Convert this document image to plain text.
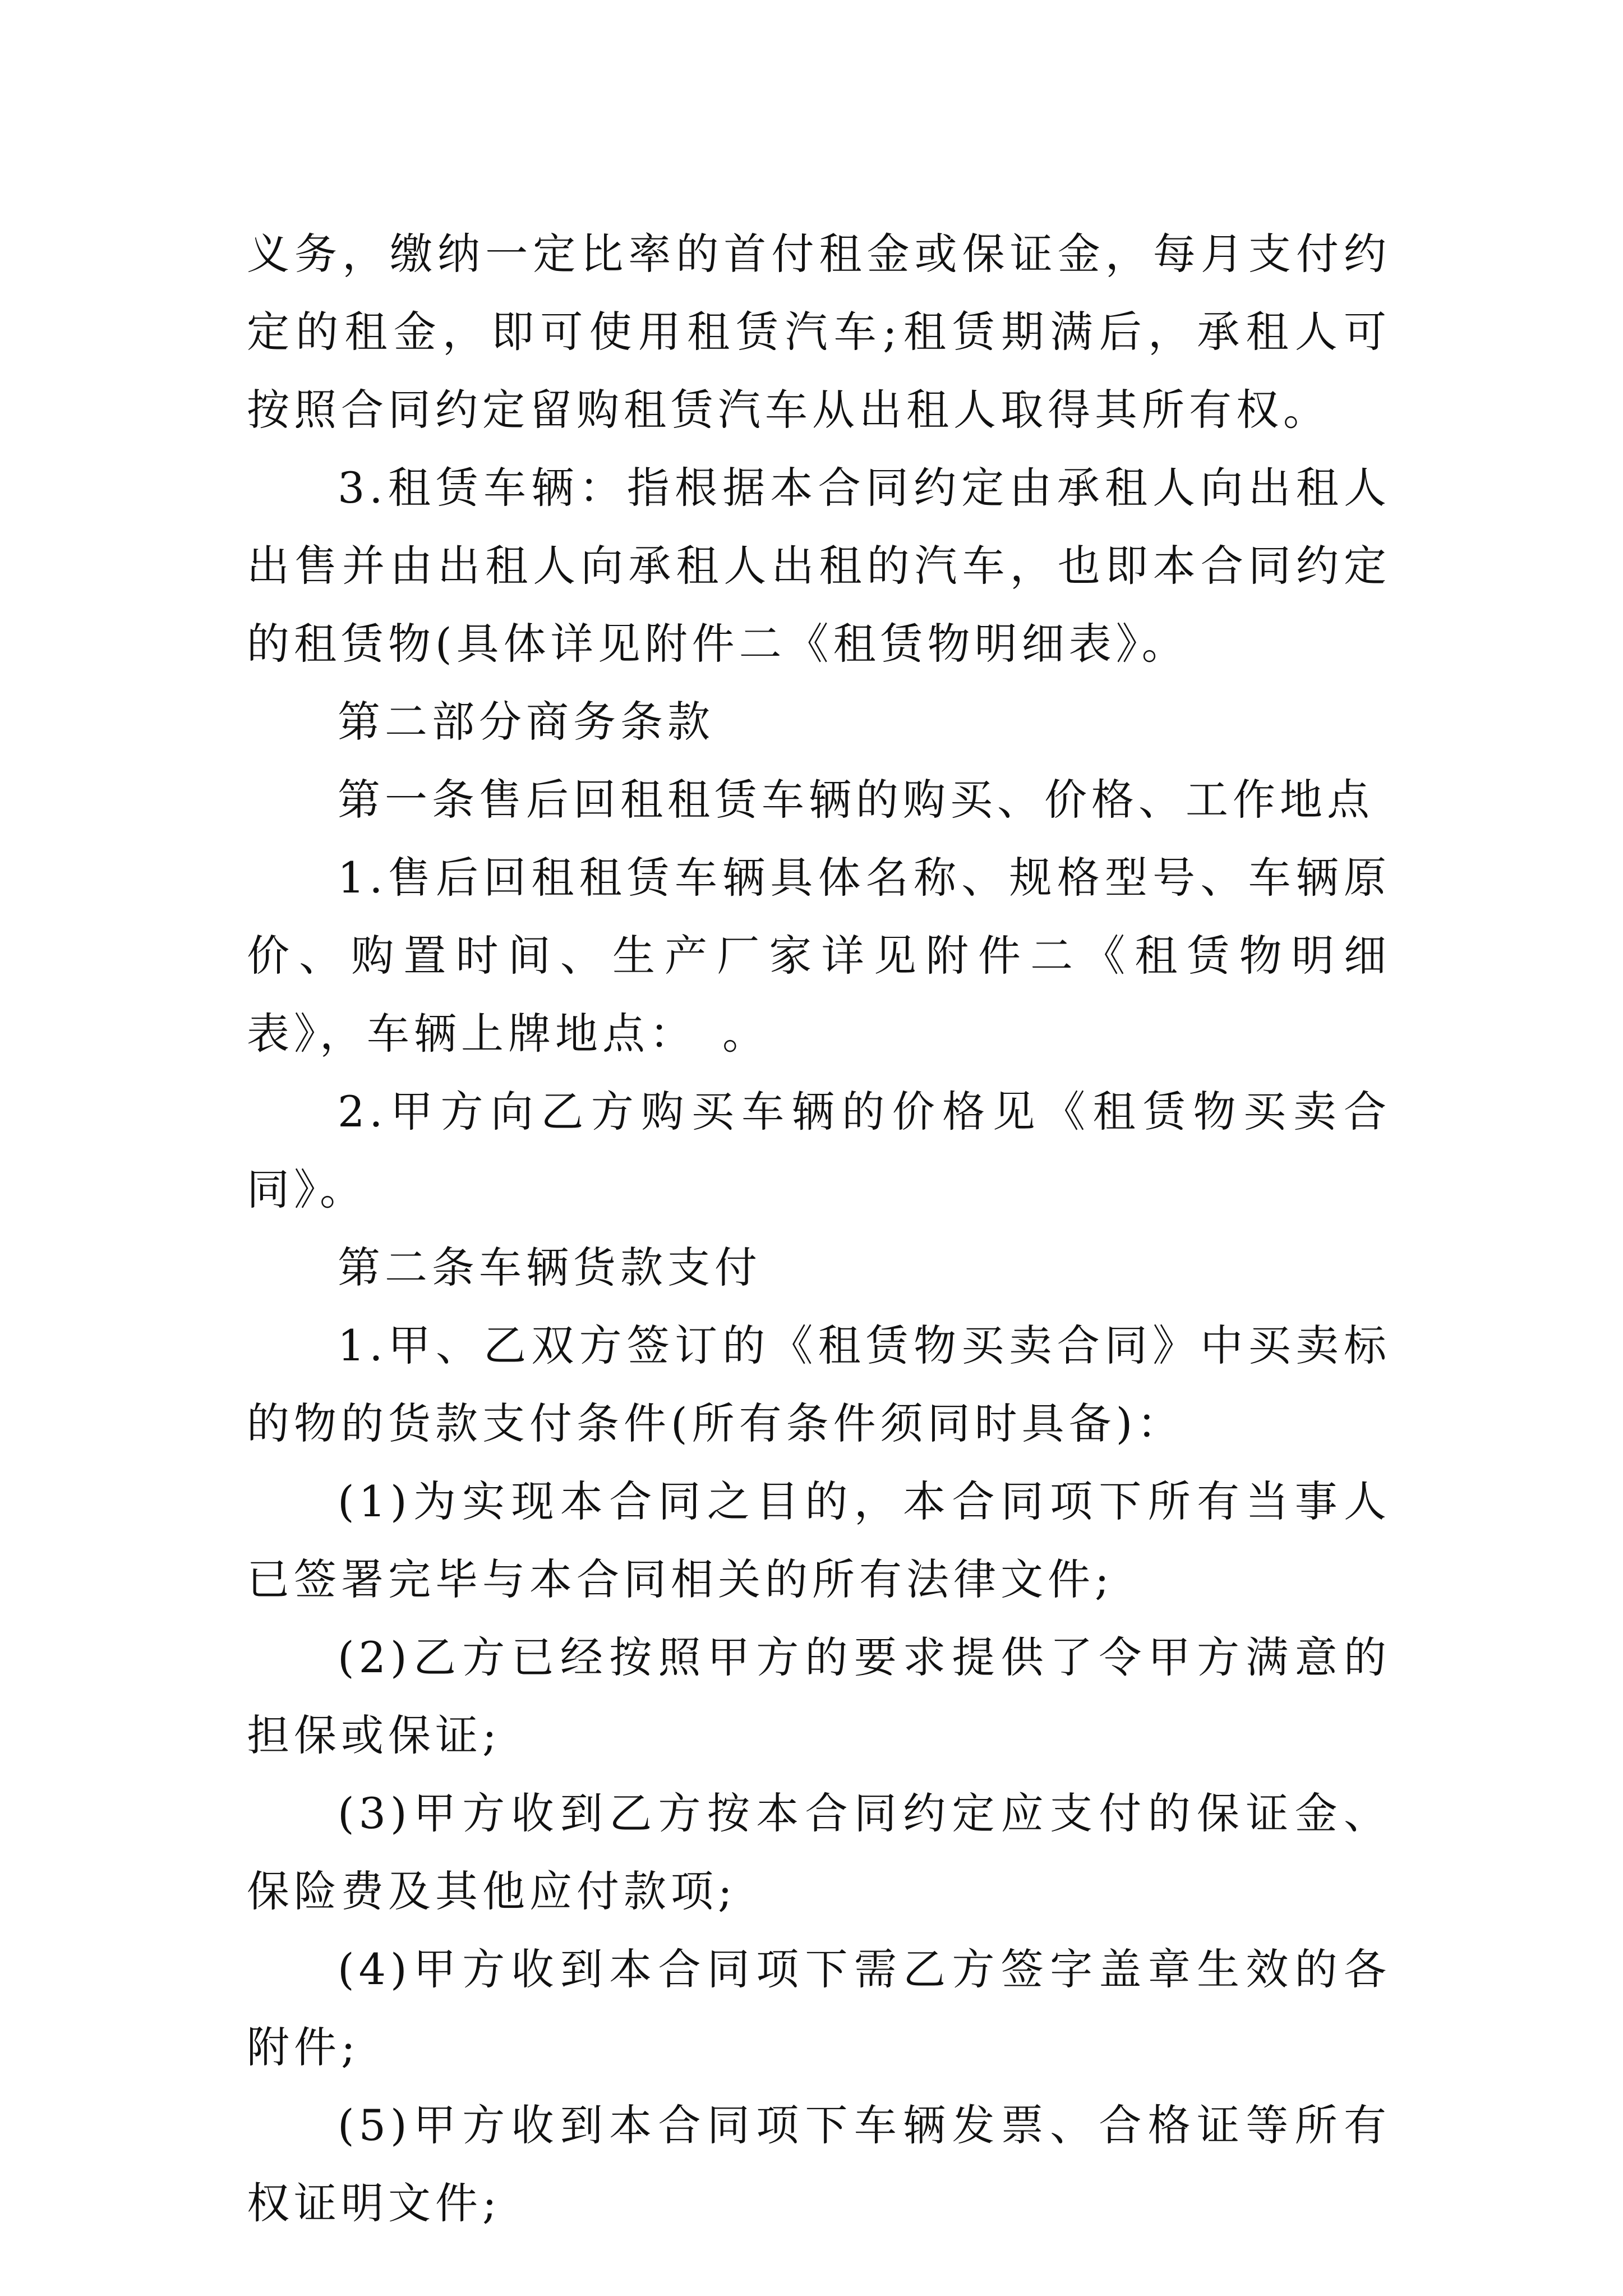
义务，缴纳一定比率的首付租金或保证金，每月支付约定的租金，即可使用租赁汽车;租赁期满后，承租人可按照合同约定留购租赁汽车从出租人取得其所有权。

3.租赁车辆：指根据本合同约定由承租人向出租人出售并由出租人向承租人出租的汽车，也即本合同约定的租赁物(具体详见附件二《租赁物明细表》。

第二部分商务条款

第一条售后回租租赁车辆的购买、价格、工作地点

1.售后回租租赁车辆具体名称、规格型号、车辆原价、购置时间、生产厂家详见附件二《租赁物明细表》，车辆上牌地点：　。

2.甲方向乙方购买车辆的价格见《租赁物买卖合同》。

第二条车辆货款支付

1.甲、乙双方签订的《租赁物买卖合同》中买卖标的物的货款支付条件(所有条件须同时具备)：

(1)为实现本合同之目的，本合同项下所有当事人已签署完毕与本合同相关的所有法律文件;

(2)乙方已经按照甲方的要求提供了令甲方满意的担保或保证;

(3)甲方收到乙方按本合同约定应支付的保证金、保险费及其他应付款项;

(4)甲方收到本合同项下需乙方签字盖章生效的各附件;

(5)甲方收到本合同项下车辆发票、合格证等所有权证明文件;
